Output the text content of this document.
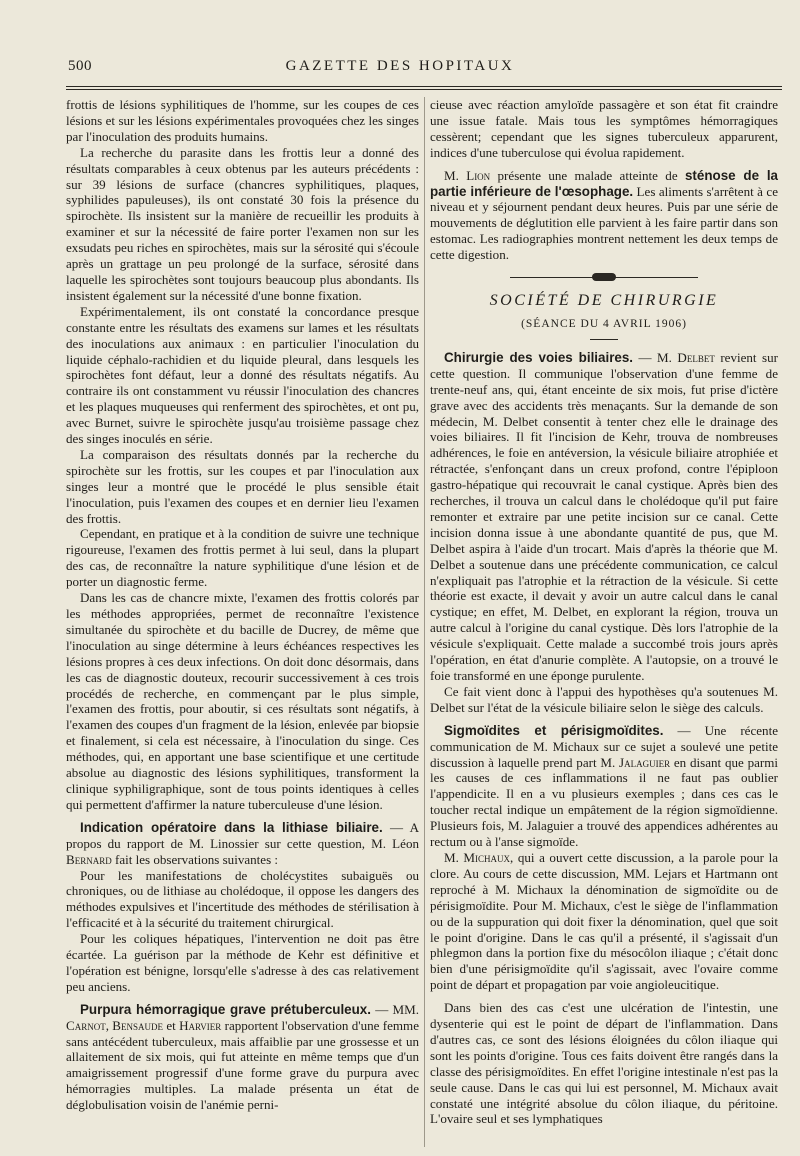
500	GAZETTE DES HOPITAUX

frottis de lésions syphilitiques de l'homme, sur les coupes de ces lésions et sur les lésions expérimentales provoquées chez les singes par l'inoculation des produits humains.

La recherche du parasite dans les frottis leur a donné des résultats comparables à ceux obtenus par les auteurs précédents : sur 39 lésions de surface (chancres syphilitiques, plaques, syphilides papuleuses), ils ont constaté 30 fois la présence du spirochète. Ils insistent sur la manière de recueillir les produits à examiner et sur la nécessité de faire porter l'examen non sur les exsudats peu riches en spirochètes, mais sur la sérosité qui s'écoule après un grattage un peu prolongé de la surface, sérosité dans laquelle les spirochètes sont toujours beaucoup plus abondants. Ils insistent également sur la nécessité d'une bonne fixation.

Expérimentalement, ils ont constaté la concordance presque constante entre les résultats des examens sur lames et les résultats des inoculations aux animaux : en particulier l'inoculation du liquide céphalo-rachidien et du liquide pleural, dans lesquels les spirochètes font défaut, leur a donné des résultats négatifs. Au contraire ils ont constamment vu réussir l'inoculation des chancres et les plaques muqueuses qui renferment des spirochètes, et ont pu, avec Burnet, suivre le spirochète jusqu'au troisième passage chez des singes inoculés en série.

La comparaison des résultats donnés par la recherche du spirochète sur les frottis, sur les coupes et par l'inoculation aux singes leur a montré que le procédé le plus sensible était l'inoculation, puis l'examen des coupes et en dernier lieu l'examen des frottis.

Cependant, en pratique et à la condition de suivre une technique rigoureuse, l'examen des frottis permet à lui seul, dans la plupart des cas, de reconnaître la nature syphilitique d'une lésion et de porter un diagnostic ferme.

Dans les cas de chancre mixte, l'examen des frottis colorés par les méthodes appropriées, permet de reconnaître l'existence simultanée du spirochète et du bacille de Ducrey, de même que l'inoculation au singe détermine à leurs échéances respectives les lésions propres à ces deux infections. On doit donc désormais, dans les cas de diagnostic douteux, recourir successivement à ces trois procédés de recherche, en commençant par le plus simple, l'examen des frottis, pour aboutir, si ces résultats sont négatifs, à l'examen des coupes d'un fragment de la lésion, enlevée par biopsie et finalement, si cela est nécessaire, à l'inoculation du singe. Ces méthodes, qui, en apportant une base scientifique et une certitude absolue au diagnostic des lésions syphilitiques, transforment la clinique syphiligraphique, sont de tous points identiques à celles qui permettent d'affirmer la nature tuberculeuse d'une lésion.

Indication opératoire dans la lithiase biliaire. — A propos du rapport de M. Linossier sur cette question, M. Léon Bernard fait les observations suivantes :

Pour les manifestations de cholécystites subaiguës ou chroniques, ou de lithiase au cholédoque, il oppose les dangers des méthodes expulsives et l'incertitude des méthodes de stérilisation à l'efficacité et à la sécurité du traitement chirurgical.

Pour les coliques hépatiques, l'intervention ne doit pas être écartée. La guérison par la méthode de Kehr est définitive et l'opération est bénigne, lorsqu'elle s'adresse à des cas relativement peu anciens.

Purpura hémorragique grave prétuberculeux. — MM. Carnot, Bensaude et Harvier rapportent l'observation d'une femme sans antécédent tuberculeux, mais affaiblie par une grossesse et un allaitement de six mois, qui fut atteinte en même temps que d'un amaigrissement progressif d'une forme grave du purpura avec hémorragies multiples. La malade présenta un état de déglobulisation voisin de l'anémie perni-

cieuse avec réaction amyloïde passagère et son état fit craindre une issue fatale. Mais tous les symptômes hémorragiques cessèrent; cependant que les signes tuberculeux apparurent, indices d'une tuberculose qui évolua rapidement.

M. Lion présente une malade atteinte de sténose de la partie inférieure de l'œsophage. Les aliments s'arrêtent à ce niveau et y séjournent pendant deux heures. Puis par une série de mouvements de déglutition elle parvient à les faire partir dans son estomac. Les radiographies montrent nettement les deux temps de cette digestion.

SOCIÉTÉ DE CHIRURGIE
(SÉANCE DU 4 AVRIL 1906)

Chirurgie des voies biliaires. — M. Delbet revient sur cette question. Il communique l'observation d'une femme de trente-neuf ans, qui, étant enceinte de six mois, fut prise d'ictère grave avec des accidents très menaçants. Sur la demande de son médecin, M. Delbet consentit à tenter chez elle le drainage des voies biliaires. Il fit l'incision de Kehr, trouva de nombreuses adhérences, le foie en antéversion, la vésicule biliaire atrophiée et rétractée, s'enfonçant dans un creux profond, contre l'épiploon gastro-hépatique qui recouvrait le canal cystique. Après bien des recherches, il trouva un calcul dans le cholédoque qu'il put faire remonter et extraire par une petite incision sur ce canal. Cette incision donna issue à une abondante quantité de pus, que M. Delbet aspira à l'aide d'un trocart. Mais d'après la théorie que M. Delbet a soutenue dans une précédente communication, ce calcul n'expliquait pas l'atrophie et la rétraction de la vésicule. Si cette théorie est exacte, il devait y avoir un autre calcul dans le canal cystique; en effet, M. Delbet, en explorant la région, trouva un autre calcul à l'origine du canal cystique. Dès lors l'atrophie de la vésicule s'expliquait. Cette malade a succombé trois jours après l'opération, en état d'anurie complète. A l'autopsie, on a trouvé le foie transformé en une éponge purulente.

Ce fait vient donc à l'appui des hypothèses qu'a soutenues M. Delbet sur l'état de la vésicule biliaire selon le siège des calculs.

Sigmoïdites et périsigmoïdites. — Une récente communication de M. Michaux sur ce sujet a soulevé une petite discussion à laquelle prend part M. Jalaguier en disant que parmi les causes de ces inflammations il ne faut pas oublier l'appendicite. Il en a vu plusieurs exemples ; dans ces cas le toucher rectal indique un empâtement de la région sigmoïdienne. Plusieurs fois, M. Jalaguier a trouvé des appendices adhérentes au rectum ou à l'anse sigmoïde.

M. Michaux, qui a ouvert cette discussion, a la parole pour la clore. Au cours de cette discussion, MM. Lejars et Hartmann ont reproché à M. Michaux la dénomination de sigmoïdite ou de périsigmoïdite. Pour M. Michaux, c'est le siège de l'inflammation ou de la suppuration qui doit fixer la dénomination, quel que soit le point d'origine. Dans le cas qu'il a présenté, il s'agissait d'un phlegmon dans la portion fixe du mésocôlon iliaque ; c'était donc bien d'une périsigmoïdite qu'il s'agissait, avec l'ovaire comme point de départ et propagation par voie angioleucitique.

Dans bien des cas c'est une ulcération de l'intestin, une dysenterie qui est le point de départ de l'inflammation. Dans d'autres cas, ce sont des lésions éloignées du côlon iliaque qui sont les points d'origine. Tous ces faits doivent être rangés dans la classe des périsigmoïdites. En effet l'origine intestinale n'est pas la seule cause. Dans le cas qui lui est personnel, M. Michaux avait constaté une intégrité absolue du côlon iliaque, du péritoine. L'ovaire seul et ses lymphatiques
